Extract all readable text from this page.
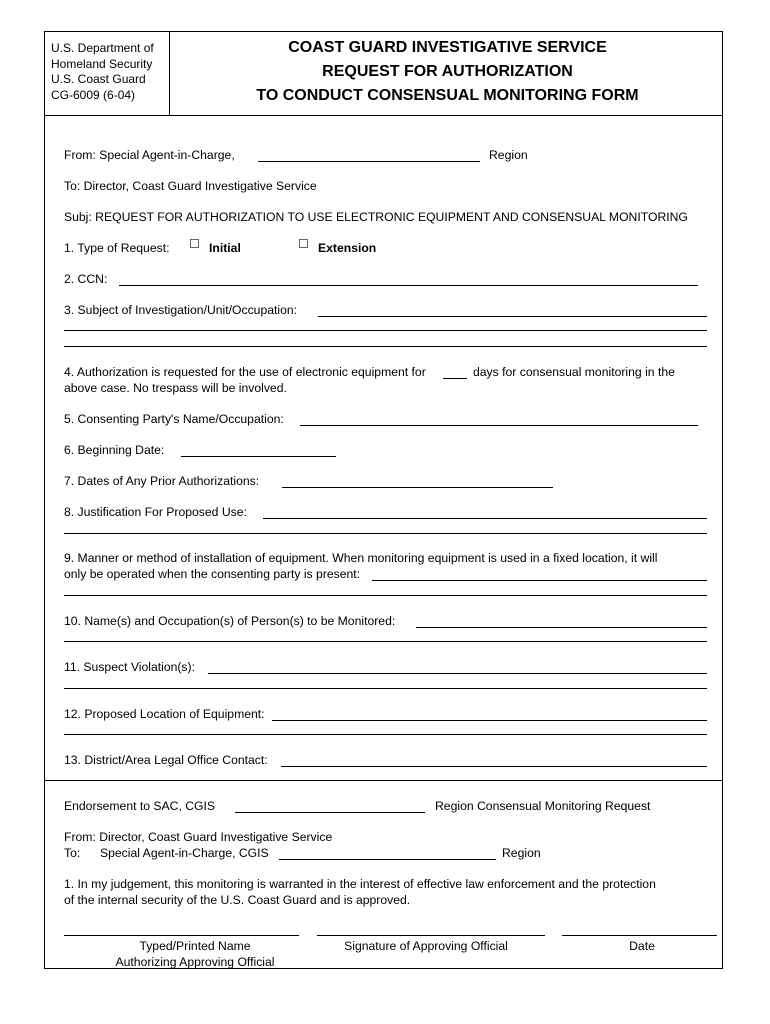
U.S. Department of
Homeland Security
U.S. Coast Guard
CG-6009 (6-04)
COAST GUARD INVESTIGATIVE SERVICE
REQUEST FOR AUTHORIZATION
TO CONDUCT CONSENSUAL MONITORING FORM
From: Special Agent-in-Charge,	Region
To: Director, Coast Guard Investigative Service
Subj: REQUEST FOR AUTHORIZATION TO USE ELECTRONIC EQUIPMENT AND CONSENSUAL MONITORING
1. Type of Request:	Initial	Extension
2. CCN:
3. Subject of Investigation/Unit/Occupation:
4. Authorization is requested for the use of electronic equipment for	days for consensual monitoring in the
above case. No trespass will be involved.
5. Consenting Party's Name/Occupation:
6. Beginning Date:
7. Dates of Any Prior Authorizations:
8. Justification For Proposed Use:
9. Manner or method of installation of equipment. When monitoring equipment is used in a fixed location, it will
only be operated when the consenting party is present:
10. Name(s) and Occupation(s) of Person(s) to be Monitored:
11. Suspect Violation(s):
12. Proposed Location of Equipment:
13. District/Area Legal Office Contact:
Endorsement to SAC, CGIS	Region Consensual Monitoring Request
From: Director, Coast Guard Investigative Service
To: Special Agent-in-Charge, CGIS	Region
1. In my judgement, this monitoring is warranted in the interest of effective law enforcement and the protection
of the internal security of the U.S. Coast Guard and is approved.
Typed/Printed Name
Authorizing Approving Official
Signature of Approving Official	Date
